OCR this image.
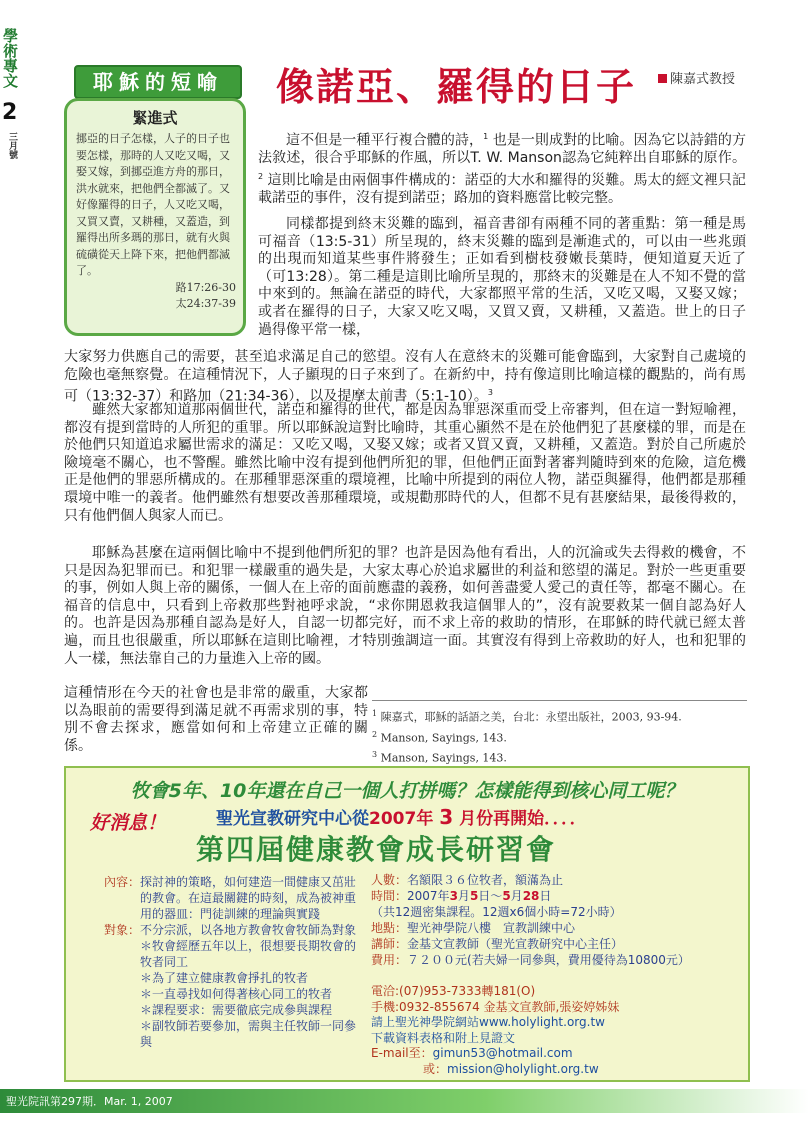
學術專文
2
三月號
耶穌的短喻	像諾亞、羅得的日子	陳嘉式教授
緊進式
挪亞的日子怎樣，人子的日子也要怎樣，那時的人又吃又喝，又娶又嫁，到挪亞進方舟的那日，洪水就來，把他們全都滅了。又好像羅得的日子，人又吃又喝，又買又賣，又耕種，又蓋造，到羅得出所多瑪的那日，就有火與硫磺從天上降下來，把他們都滅了。
路17:26-30
太24:37-39
這不但是一種平行複合體的詩，$^1$ 也是一則成對的比喻。因為它以詩錯的方法敘述，很合乎耶穌的作風，所以T. W. Manson認為它純粹出自耶穌的原作。$^2$ 這則比喻是由兩個事件構成的：諾亞的大水和羅得的災難。馬太的經文裡只記載諾亞的事件，沒有提到諾亞；路加的資料應當比較完整。
同樣都提到終末災難的臨到，福音書卻有兩種不同的著重點：第一種是馬可福音（13:5-31）所呈現的，終末災難的臨到是漸進式的，可以由一些兆頭的出現而知道某些事件將發生；正如看到樹枝發嫩長葉時，便知道夏天近了（可13:28）。第二種是這則比喻所呈現的，那終末的災難是在人不知不覺的當中來到的。無論在諾亞的時代，大家都照平常的生活，又吃又喝，又娶又嫁；或者在羅得的日子，大家又吃又喝，又買又賣，又耕種，又蓋造。世上的日子過得像平常一樣，
大家努力供應自己的需要，甚至追求滿足自己的慾望。沒有人在意終末的災難可能會臨到，大家對自己處境的危險也毫無察覺。在這種情況下，人子顯現的日子來到了。在新約中，持有像這則比喻這樣的觀點的，尚有馬可（13:32-37）和路加（21:34-36），以及提摩太前書（5:1-10）。$^3$
雖然大家都知道那兩個世代，諾亞和羅得的世代，都是因為罪惡深重而受上帝審判，但在這一對短喻裡，都沒有提到當時的人所犯的重罪。所以耶穌說這對比喻時，其重心顯然不是在於他們犯了甚麼樣的罪，而是在於他們只知道追求屬世需求的滿足：又吃又喝，又娶又嫁；或者又買又賣，又耕種，又蓋造。對於自己所處於險境毫不關心，也不警醒。雖然比喻中沒有提到他們所犯的罪，但他們正面對著審判隨時到來的危險，這危機正是他們的罪惡所構成的。在那種罪惡深重的環境裡，比喻中所提到的兩位人物，諾亞與羅得，他們都是那種環境中唯一的義者。他們雖然有想要改善那種環境，或規勸那時代的人，但都不見有甚麼結果，最後得救的，只有他們個人與家人而已。
耶穌為甚麼在這兩個比喻中不提到他們所犯的罪？也許是因為他有看出，人的沉淪或失去得救的機會，不只是因為犯罪而已。和犯罪一樣嚴重的過失是，大家太專心於追求屬世的利益和慾望的滿足。對於一些更重要的事，例如人與上帝的關係，一個人在上帝的面前應盡的義務，如何善盡愛人愛己的責任等，都毫不關心。在福音的信息中，只看到上帝救那些對祂呼求說，“求你開恩救我這個罪人的”，沒有說要救某一個自認為好人的。也許是因為那種自認為是好人，自認一切都完好，而不求上帝的救助的情形，在耶穌的時代就已經太普遍，而且也很嚴重，所以耶穌在這則比喻裡，才特別強調這一面。其實沒有得到上帝救助的好人，也和犯罪的人一樣，無法靠自己的力量進入上帝的國。
這種情形在今天的社會也是非常的嚴重，大家都以為眼前的需要得到滿足就不再需求別的事，特別不會去探求，應當如何和上帝建立正確的關係。
$^1$ 陳嘉式，耶穌的話語之美，台北：永望出版社，2003, 93-94.
$^2$ Manson, Sayings, 143.
$^3$ Manson, Sayings, 143.
牧會5年、10年還在自己一個人打拼嗎？怎樣能得到核心同工呢？
好消息！	聖光宣教研究中心從2007年 3 月份再開始．．．．
第四屆健康教會成長研習會
內容： 探討神的策略，如何建造一間健康又茁壯的教會。在這最關鍵的時刻，成為被神重用的器皿：門徒訓練的理論與實踐
對象： 不分宗派，以各地方教會牧會牧師為對象
＊牧會經歷五年以上，很想要長期牧會的牧者同工
＊為了建立健康教會掙扎的牧者
＊一直尋找如何得著核心同工的牧者
＊課程要求：需要徹底完成參與課程
＊副牧師若要參加，需與主任牧師一同參與
人數：名額限３６位牧者，額滿為止
時間：2007年3月5日～5月28日
（共12週密集課程。12週x6個小時=72小時）
地點：聖光神學院八樓　宣教訓練中心
講師：金基文宣教師（聖光宣教研究中心主任）
費用：７２００元(若夫婦一同參與，費用優待為10800元）
電洽:(07)953-7333轉181(O)
手機:0932-855674 金基文宣教師,張姿婷姊妹
請上聖光神學院網站www.holylight.org.tw
下載資料表格和附上見證文
E-mail至：gimun53@hotmail.com
或：mission@holylight.org.tw
聖光院訊第297期．Mar. 1, 2007
